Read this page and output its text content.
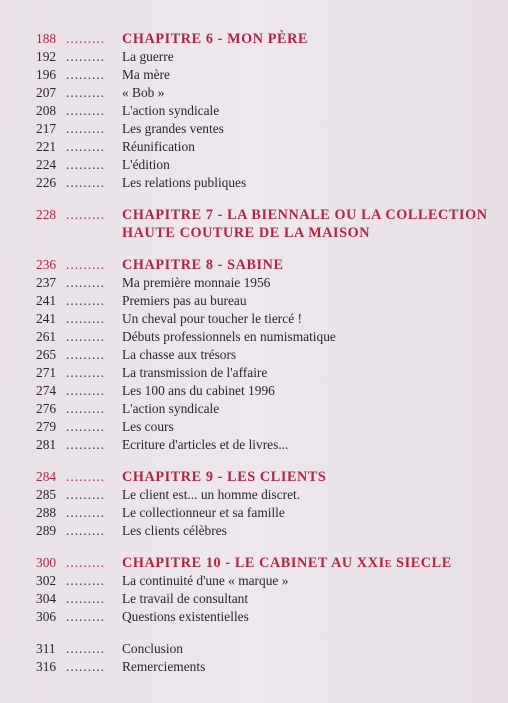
188 .........	CHAPITRE 6 - MON PÈRE
192 .........	La guerre
196 .........	Ma mère
207 .........	« Bob »
208 .........	L'action syndicale
217 .........	Les grandes ventes
221 .........	Réunification
224 .........	L'édition
226 .........	Les relations publiques
228 .........	CHAPITRE 7 - LA BIENNALE OU LA COLLECTION
HAUTE COUTURE DE LA MAISON
236 .........	CHAPITRE 8 - SABINE
237 .........	Ma première monnaie 1956
241 .........	Premiers pas au bureau
241 .........	Un cheval pour toucher le tiercé !
261 .........	Débuts professionnels en numismatique
265 .........	La chasse aux trésors
271 .........	La transmission de l'affaire
274 .........	Les 100 ans du cabinet 1996
276 .........	L'action syndicale
279 .........	Les cours
281 .........	Ecriture d'articles et de livres...
284 .........	CHAPITRE 9 - LES CLIENTS
285 .........	Le client est... un homme discret.
288 .........	Le collectionneur et sa famille
289 .........	Les clients célèbres
300 .........	CHAPITRE 10 - LE CABINET AU XXIe SIECLE
302 .........	La continuité d'une « marque »
304 .........	Le travail de consultant
306 .........	Questions existentielles
311 .........	Conclusion
316 .........	Remerciements
